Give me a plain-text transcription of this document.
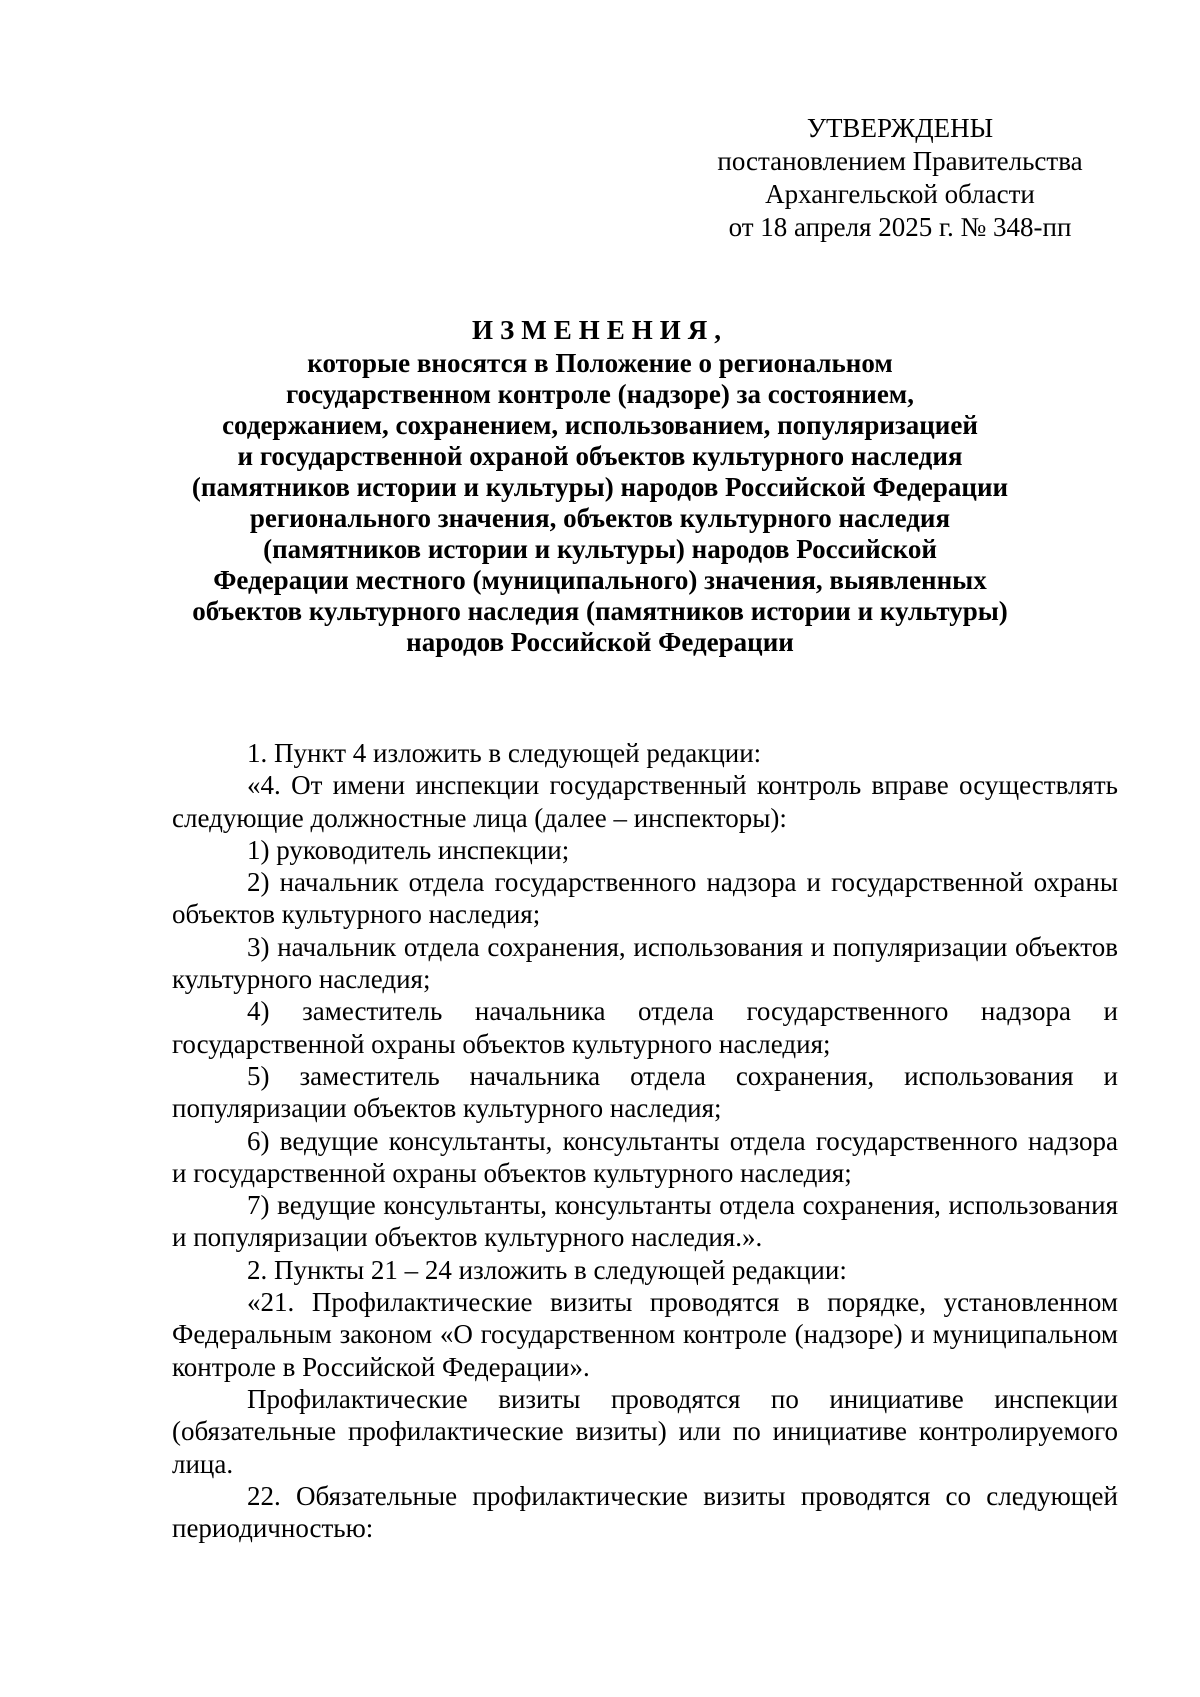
УТВЕРЖДЕНЫ
постановлением Правительства
Архангельской области
от 18 апреля 2025 г. № 348-пп
ИЗМЕНЕНИЯ,
которые вносятся в Положение о региональном
государственном контроле (надзоре) за состоянием,
содержанием, сохранением, использованием, популяризацией
и государственной охраной объектов культурного наследия
(памятников истории и культуры) народов Российской Федерации
регионального значения, объектов культурного наследия
(памятников истории и культуры) народов Российской
Федерации местного (муниципального) значения, выявленных
объектов культурного наследия (памятников истории и культуры)
народов Российской Федерации

1. Пункт 4 изложить в следующей редакции:

«4. От имени инспекции государственный контроль вправе осуществлять следующие должностные лица (далее – инспекторы):

1) руководитель инспекции;

2) начальник отдела государственного надзора и государственной охраны объектов культурного наследия;

3) начальник отдела сохранения, использования и популяризации объектов культурного наследия;

4) заместитель начальника отдела государственного надзора и государственной охраны объектов культурного наследия;

5) заместитель начальника отдела сохранения, использования и популяризации объектов культурного наследия;

6) ведущие консультанты, консультанты отдела государственного надзора и государственной охраны объектов культурного наследия;

7) ведущие консультанты, консультанты отдела сохранения, использования и популяризации объектов культурного наследия.».

2. Пункты 21 – 24 изложить в следующей редакции:

«21. Профилактические визиты проводятся в порядке, установленном Федеральным законом «О государственном контроле (надзоре) и муниципальном контроле в Российской Федерации».

Профилактические визиты проводятся по инициативе инспекции (обязательные профилактические визиты) или по инициативе контролируемого лица.

22. Обязательные профилактические визиты проводятся со следующей периодичностью:
